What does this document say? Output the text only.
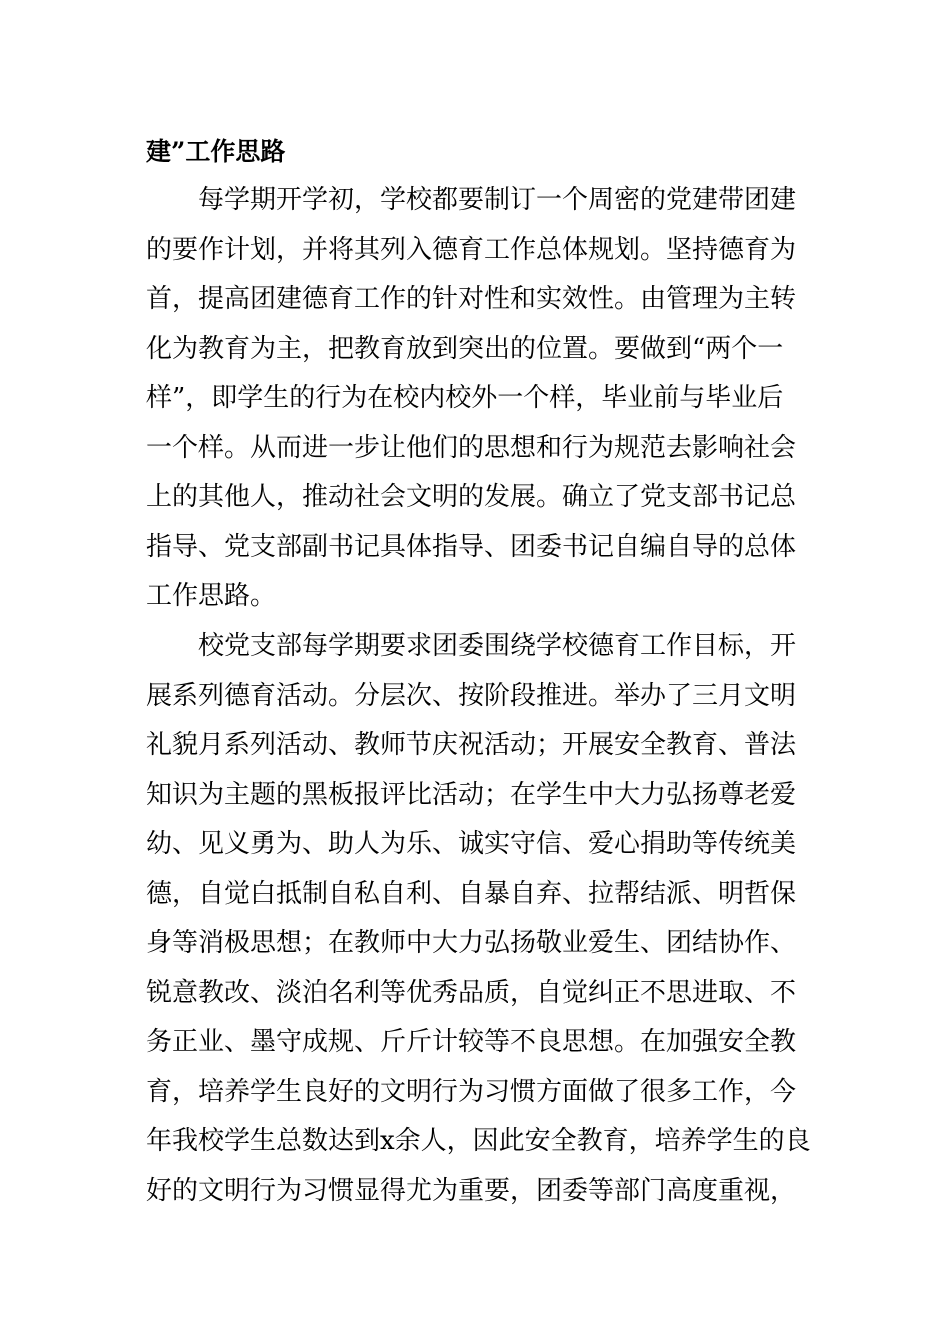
建”工作思路
每学期开学初，学校都要制订一个周密的党建带团建
的要作计划，并将其列入德育工作总体规划。坚持德育为
首，提高团建德育工作的针对性和实效性。由管理为主转
化为教育为主，把教育放到突出的位置。要做到“两个一
样”，即学生的行为在校内校外一个样，毕业前与毕业后
一个样。从而进一步让他们的思想和行为规范去影响社会
上的其他人，推动社会文明的发展。确立了党支部书记总
指导、党支部副书记具体指导、团委书记自编自导的总体
工作思路。
校党支部每学期要求团委围绕学校德育工作目标，开
展系列德育活动。分层次、按阶段推进。举办了三月文明
礼貌月系列活动、教师节庆祝活动；开展安全教育、普法
知识为主题的黑板报评比活动；在学生中大力弘扬尊老爱
幼、见义勇为、助人为乐、诚实守信、爱心捐助等传统美
德，自觉白抵制自私自利、自暴自弃、拉帮结派、明哲保
身等消极思想；在教师中大力弘扬敬业爱生、团结协作、
锐意教改、淡泊名利等优秀品质，自觉纠正不思进取、不
务正业、墨守成规、斤斤计较等不良思想。在加强安全教
育，培养学生良好的文明行为习惯方面做了很多工作，今
年我校学生总数达到x余人，因此安全教育，培养学生的良
好的文明行为习惯显得尤为重要，团委等部门高度重视，
